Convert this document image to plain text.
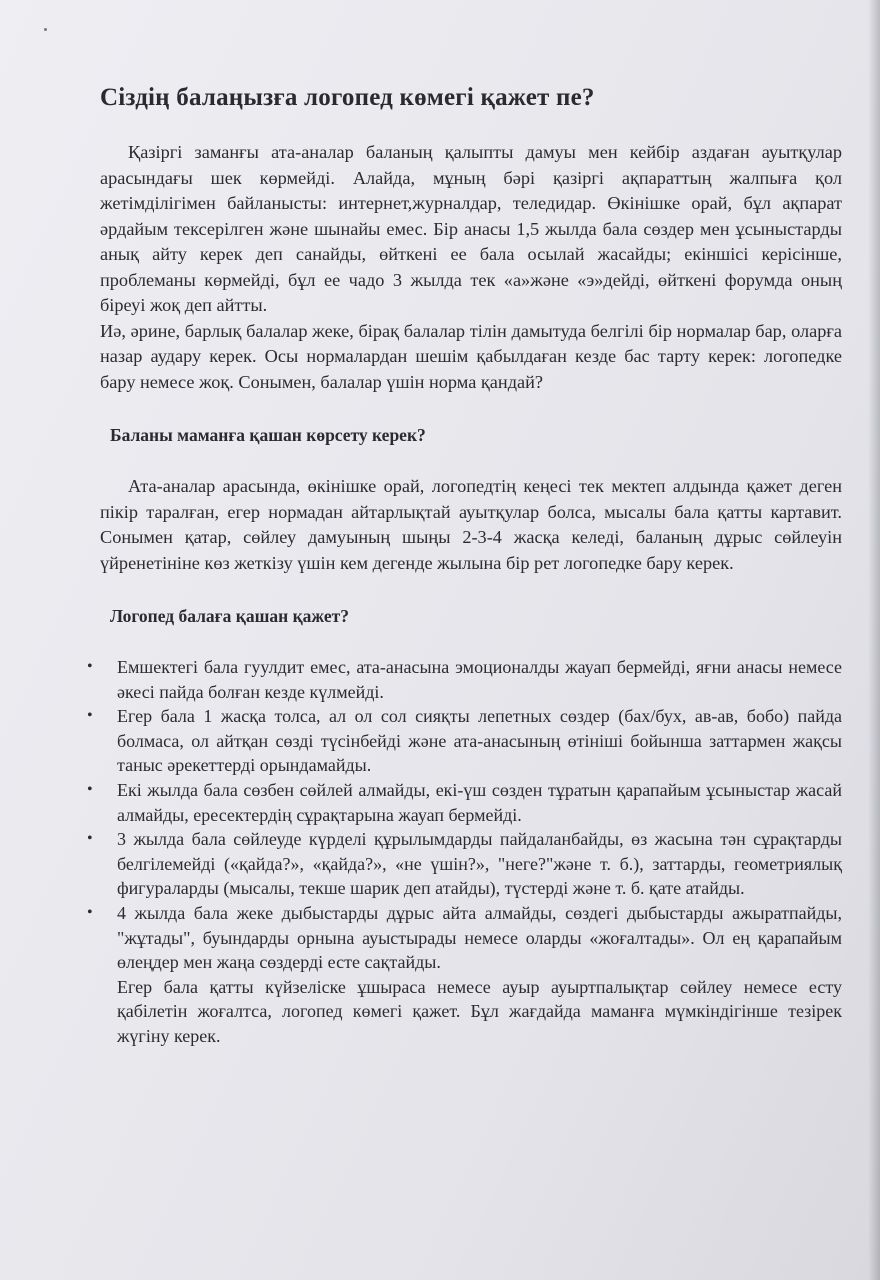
Сіздің балаңызға логопед көмегі қажет пе?

Қазіргі заманғы ата-аналар баланың қалыпты дамуы мен кейбір аздаған ауытқулар арасындағы шек көрмейді. Алайда, мұның бәрі қазіргі ақпараттың жалпыға қол жетімділігімен байланысты: интернет,журналдар, теледидар. Өкінішке орай, бұл ақпарат әрдайым тексерілген және шынайы емес. Бір анасы 1,5 жылда бала сөздер мен ұсыныстарды анық айту керек деп санайды, өйткені ее бала осылай жасайды; екіншісі керісінше, проблеманы көрмейді, бұл ее чадо 3 жылда тек «а»және «э»дейді, өйткені форумда оның біреуі жоқ деп айтты.

Иә, әрине, барлық балалар жеке, бірақ балалар тілін дамытуда белгілі бір нормалар бар, оларға назар аудару керек. Осы нормалардан шешім қабылдаған кезде бас тарту керек: логопедке бару немесе жоқ. Сонымен, балалар үшін норма қандай?

Баланы маманға қашан көрсету керек?

Ата-аналар арасында, өкінішке орай, логопедтің кеңесі тек мектеп алдында қажет деген пікір таралған, егер нормадан айтарлықтай ауытқулар болса, мысалы бала қатты картавит. Сонымен қатар, сөйлеу дамуының шыңы 2-3-4 жасқа келеді, баланың дұрыс сөйлеуін үйренетініне көз жеткізу үшін кем дегенде жылына бір рет логопедке бару керек.

Логопед балаға қашан қажет?
• Емшектегі бала гуулдит емес, ата-анасына эмоционалды жауап бермейді, яғни анасы немесе әкесі пайда болған кезде күлмейді.
• Егер бала 1 жасқа толса, ал ол сол сияқты лепетных сөздер (бах/бух, ав-ав, бобо) пайда болмаса, ол айтқан сөзді түсінбейді және ата-анасының өтініші бойынша заттармен жақсы таныс әрекеттерді орындамайды.
• Екі жылда бала сөзбен сөйлей алмайды, екі-үш сөзден тұратын қарапайым ұсыныстар жасай алмайды, ересектердің сұрақтарына жауап бермейді.
• 3 жылда бала сөйлеуде күрделі құрылымдарды пайдаланбайды, өз жасына тән сұрақтарды белгілемейді («қайда?», «қайда?», «не үшін?», "неге?"және т. б.), заттарды, геометриялық фигураларды (мысалы, текше шарик деп атайды), түстерді және т. б. қате атайды.
• 4 жылда бала жеке дыбыстарды дұрыс айта алмайды, сөздегі дыбыстарды ажыратпайды, "жұтады", буындарды орнына ауыстырады немесе оларды «жоғалтады». Ол ең қарапайым өлеңдер мен жаңа сөздерді есте сақтайды.

Егер бала қатты күйзеліске ұшыраса немесе ауыр ауыртпалықтар сөйлеу немесе есту қабілетін жоғалтса, логопед көмегі қажет. Бұл жағдайда маманға мүмкіндігінше тезірек жүгіну керек.
